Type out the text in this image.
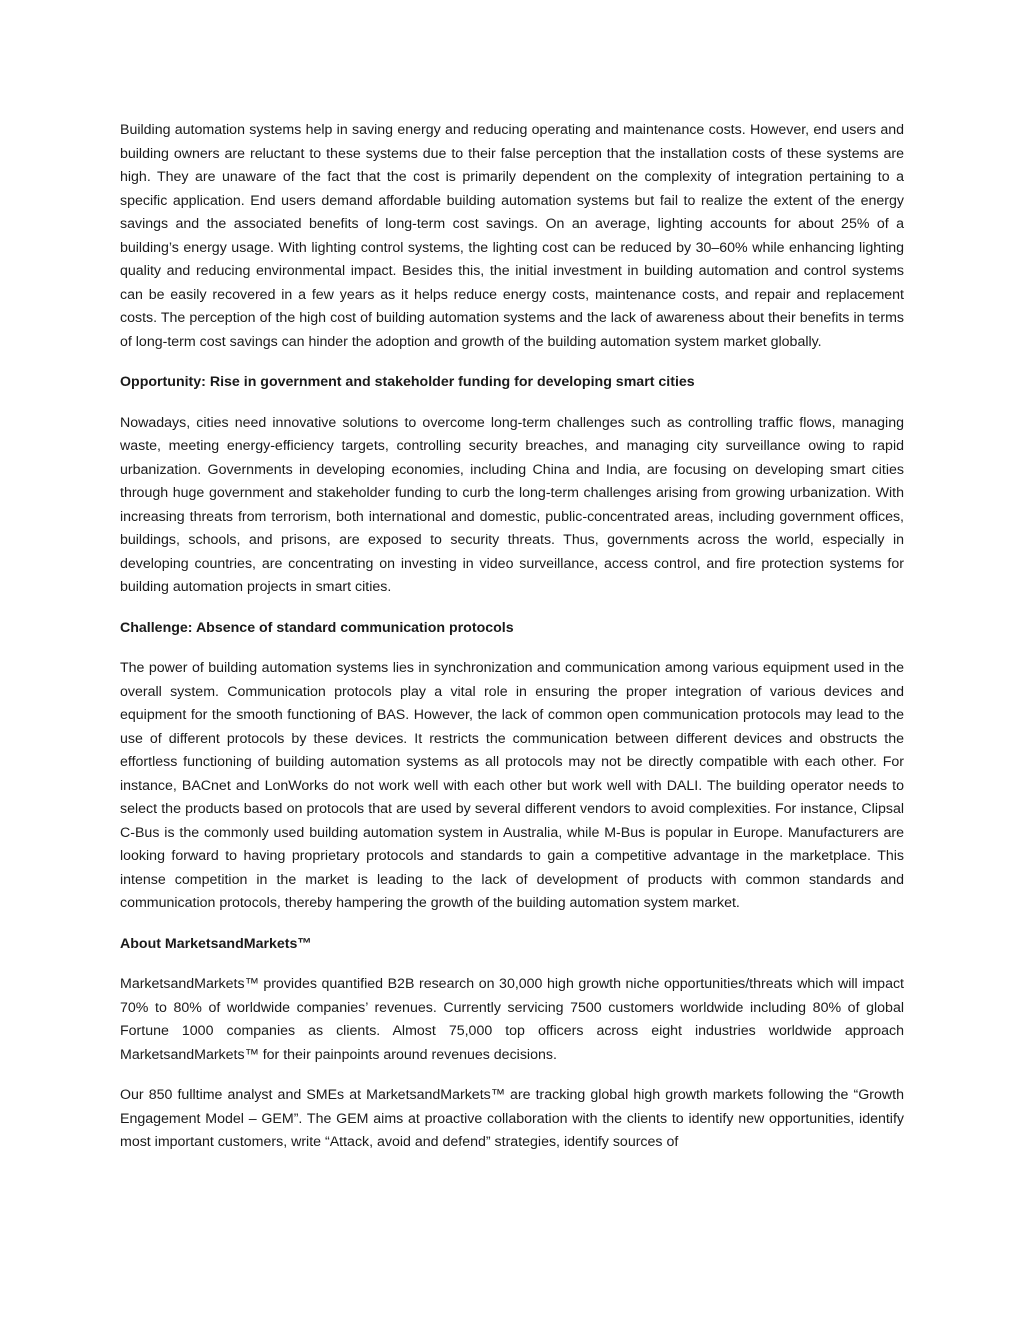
Building automation systems help in saving energy and reducing operating and maintenance costs. However, end users and building owners are reluctant to these systems due to their false perception that the installation costs of these systems are high. They are unaware of the fact that the cost is primarily dependent on the complexity of integration pertaining to a specific application. End users demand affordable building automation systems but fail to realize the extent of the energy savings and the associated benefits of long-term cost savings. On an average, lighting accounts for about 25% of a building’s energy usage. With lighting control systems, the lighting cost can be reduced by 30–60% while enhancing lighting quality and reducing environmental impact. Besides this, the initial investment in building automation and control systems can be easily recovered in a few years as it helps reduce energy costs, maintenance costs, and repair and replacement costs. The perception of the high cost of building automation systems and the lack of awareness about their benefits in terms of long-term cost savings can hinder the adoption and growth of the building automation system market globally.

Opportunity: Rise in government and stakeholder funding for developing smart cities

Nowadays, cities need innovative solutions to overcome long-term challenges such as controlling traffic flows, managing waste, meeting energy-efficiency targets, controlling security breaches, and managing city surveillance owing to rapid urbanization. Governments in developing economies, including China and India, are focusing on developing smart cities through huge government and stakeholder funding to curb the long-term challenges arising from growing urbanization. With increasing threats from terrorism, both international and domestic, public-concentrated areas, including government offices, buildings, schools, and prisons, are exposed to security threats. Thus, governments across the world, especially in developing countries, are concentrating on investing in video surveillance, access control, and fire protection systems for building automation projects in smart cities.

Challenge: Absence of standard communication protocols

The power of building automation systems lies in synchronization and communication among various equipment used in the overall system. Communication protocols play a vital role in ensuring the proper integration of various devices and equipment for the smooth functioning of BAS. However, the lack of common open communication protocols may lead to the use of different protocols by these devices. It restricts the communication between different devices and obstructs the effortless functioning of building automation systems as all protocols may not be directly compatible with each other. For instance, BACnet and LonWorks do not work well with each other but work well with DALI. The building operator needs to select the products based on protocols that are used by several different vendors to avoid complexities. For instance, Clipsal C-Bus is the commonly used building automation system in Australia, while M-Bus is popular in Europe. Manufacturers are looking forward to having proprietary protocols and standards to gain a competitive advantage in the marketplace. This intense competition in the market is leading to the lack of development of products with common standards and communication protocols, thereby hampering the growth of the building automation system market.

About MarketsandMarkets™

MarketsandMarkets™ provides quantified B2B research on 30,000 high growth niche opportunities/threats which will impact 70% to 80% of worldwide companies’ revenues. Currently servicing 7500 customers worldwide including 80% of global Fortune 1000 companies as clients. Almost 75,000 top officers across eight industries worldwide approach MarketsandMarkets™ for their painpoints around revenues decisions.

Our 850 fulltime analyst and SMEs at MarketsandMarkets™ are tracking global high growth markets following the “Growth Engagement Model – GEM”. The GEM aims at proactive collaboration with the clients to identify new opportunities, identify most important customers, write “Attack, avoid and defend” strategies, identify sources of
